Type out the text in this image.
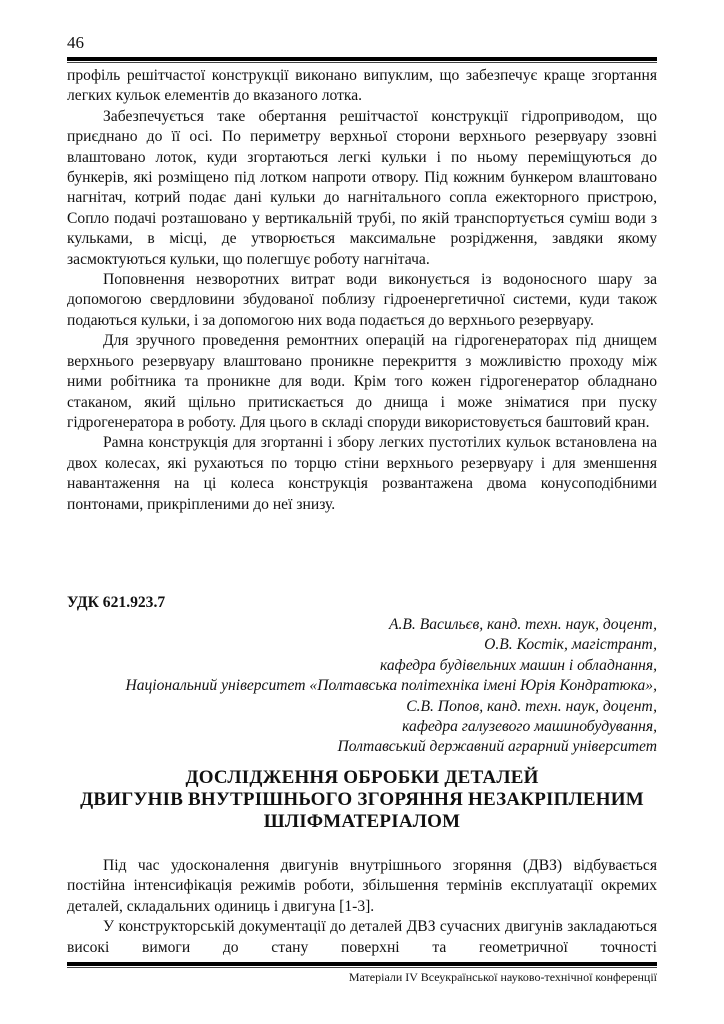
46

профіль решітчастої конструкції виконано випуклим, що забезпечує краще згортання легких кульок елементів до вказаного лотка.

Забезпечується таке обертання решітчастої конструкції гідроприводом, що приєднано до її осі. По периметру верхньої сторони верхнього резервуару ззовні влаштовано лоток, куди згортаються легкі кульки і по ньому переміщуються до бункерів, які розміщено під лотком напроти отвору. Під кожним бункером влаштовано нагнітач, котрий подає дані кульки до нагнітального сопла ежекторного пристрою, Сопло подачі розташовано у вертикальній трубі, по якій транспортується суміш води з кульками, в місці, де утворюється максимальне розрідження, завдяки якому засмоктуються кульки, що полегшує роботу нагнітача.

Поповнення незворотних витрат води виконується із водоносного шару за допомогою свердловини збудованої поблизу гідроенергетичної системи, куди також подаються кульки, і за допомогою них вода подається до верхнього резервуару.

Для зручного проведення ремонтних операцій на гідрогенераторах під днищем верхнього резервуару влаштовано проникне перекриття з можливістю проходу між ними робітника та проникне для води. Крім того кожен гідрогенератор обладнано стаканом, який щільно притискається до днища і може зніматися при пуску гідрогенератора в роботу. Для цього в складі споруди використовується баштовий кран.

Рамна конструкція для згортанні і збору легких пустотілих кульок встановлена на двох колесах, які рухаються по торцю стіни верхнього резервуару і для зменшення навантаження на ці колеса конструкція розвантажена двома конусоподібними понтонами, прикріпленими до неї знизу.

УДК 621.923.7
А.В. Васильєв, канд. техн. наук, доцент,
О.В. Костік, магістрант,
кафедра будівельних машин і обладнання,
Національний університет «Полтавська політехніка імені Юрія Кондратюка»,
С.В. Попов, канд. техн. наук, доцент,
кафедра галузевого машинобудування,
Полтавський державний аграрний університет
ДОСЛІДЖЕННЯ ОБРОБКИ ДЕТАЛЕЙ
ДВИГУНІВ ВНУТРІШНЬОГО ЗГОРЯННЯ НЕЗАКРІПЛЕНИМ
ШЛІФМАТЕРІАЛОМ

Під час удосконалення двигунів внутрішнього згоряння (ДВЗ) відбувається постійна інтенсифікація режимів роботи, збільшення термінів експлуатації окремих деталей, складальних одиниць і двигуна [1-3].

У конструкторській документації до деталей ДВЗ сучасних двигунів закладаються високі вимоги до стану поверхні та геометричної точності

Матеріали IV Всеукраїнської науково-технічної конференції
